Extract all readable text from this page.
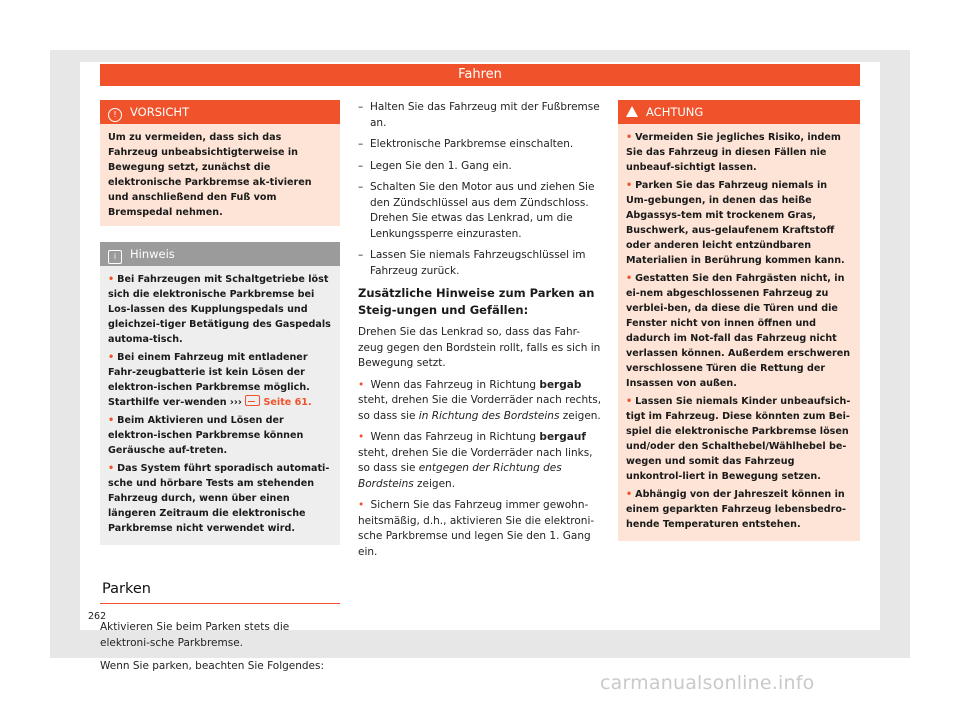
Fahren
! VORSICHT
Um zu vermeiden, dass sich das Fahrzeug unbeabsichtigterweise in Bewegung setzt, zunächst die elektronische Parkbremse ak-tivieren und anschließend den Fuß vom Bremspedal nehmen.
i Hinweis
• Bei Fahrzeugen mit Schaltgetriebe löst sich die elektronische Parkbremse bei Los-lassen des Kupplungspedals und gleichzei-tiger Betätigung des Gaspedals automa-tisch.
• Bei einem Fahrzeug mit entladener Fahr-zeugbatterie ist kein Lösen der elektron-ischen Parkbremse möglich. Starthilfe ver-wenden ››› Seite 61.
• Beim Aktivieren und Lösen der elektron-ischen Parkbremse können Geräusche auf-treten.
• Das System führt sporadisch automati-sche und hörbare Tests am stehenden Fahrzeug durch, wenn über einen längeren Zeitraum die elektronische Parkbremse nicht verwendet wird.
Parken
Aktivieren Sie beim Parken stets die elektroni-sche Parkbremse.
Wenn Sie parken, beachten Sie Folgendes:
– Halten Sie das Fahrzeug mit der Fußbremse an.
– Elektronische Parkbremse einschalten.
– Legen Sie den 1. Gang ein.
– Schalten Sie den Motor aus und ziehen Sie den Zündschlüssel aus dem Zündschloss. Drehen Sie etwas das Lenkrad, um die Lenkungssperre einzurasten.
– Lassen Sie niemals Fahrzeugschlüssel im Fahrzeug zurück.
Zusätzliche Hinweise zum Parken an Steig-ungen und Gefällen:
Drehen Sie das Lenkrad so, dass das Fahr-zeug gegen den Bordstein rollt, falls es sich in Bewegung setzt.
• Wenn das Fahrzeug in Richtung bergab steht, drehen Sie die Vorderräder nach rechts, so dass sie in Richtung des Bordsteins zeigen.
• Wenn das Fahrzeug in Richtung bergauf steht, drehen Sie die Vorderräder nach links, so dass sie entgegen der Richtung des Bordsteins zeigen.
• Sichern Sie das Fahrzeug immer gewohn-heitsmäßig, d.h., aktivieren Sie die elektroni-sche Parkbremse und legen Sie den 1. Gang ein.
ACHTUNG
• Vermeiden Sie jegliches Risiko, indem Sie das Fahrzeug in diesen Fällen nie unbeauf-sichtigt lassen.
• Parken Sie das Fahrzeug niemals in Um-gebungen, in denen das heiße Abgassys-tem mit trockenem Gras, Buschwerk, aus-gelaufenem Kraftstoff oder anderen leicht entzündbaren Materialien in Berührung kommen kann.
• Gestatten Sie den Fahrgästen nicht, in ei-nem abgeschlossenen Fahrzeug zu verblei-ben, da diese die Türen und die Fenster nicht von innen öffnen und dadurch im Not-fall das Fahrzeug nicht verlassen können. Außerdem erschweren verschlossene Türen die Rettung der Insassen von außen.
• Lassen Sie niemals Kinder unbeaufsich-tigt im Fahrzeug. Diese könnten zum Bei-spiel die elektronische Parkbremse lösen und/oder den Schalthebel/Wählhebel be-wegen und somit das Fahrzeug unkontrol-liert in Bewegung setzen.
• Abhängig von der Jahreszeit können in einem geparkten Fahrzeug lebensbedro-hende Temperaturen entstehen.
262
carmanualsonline.info
